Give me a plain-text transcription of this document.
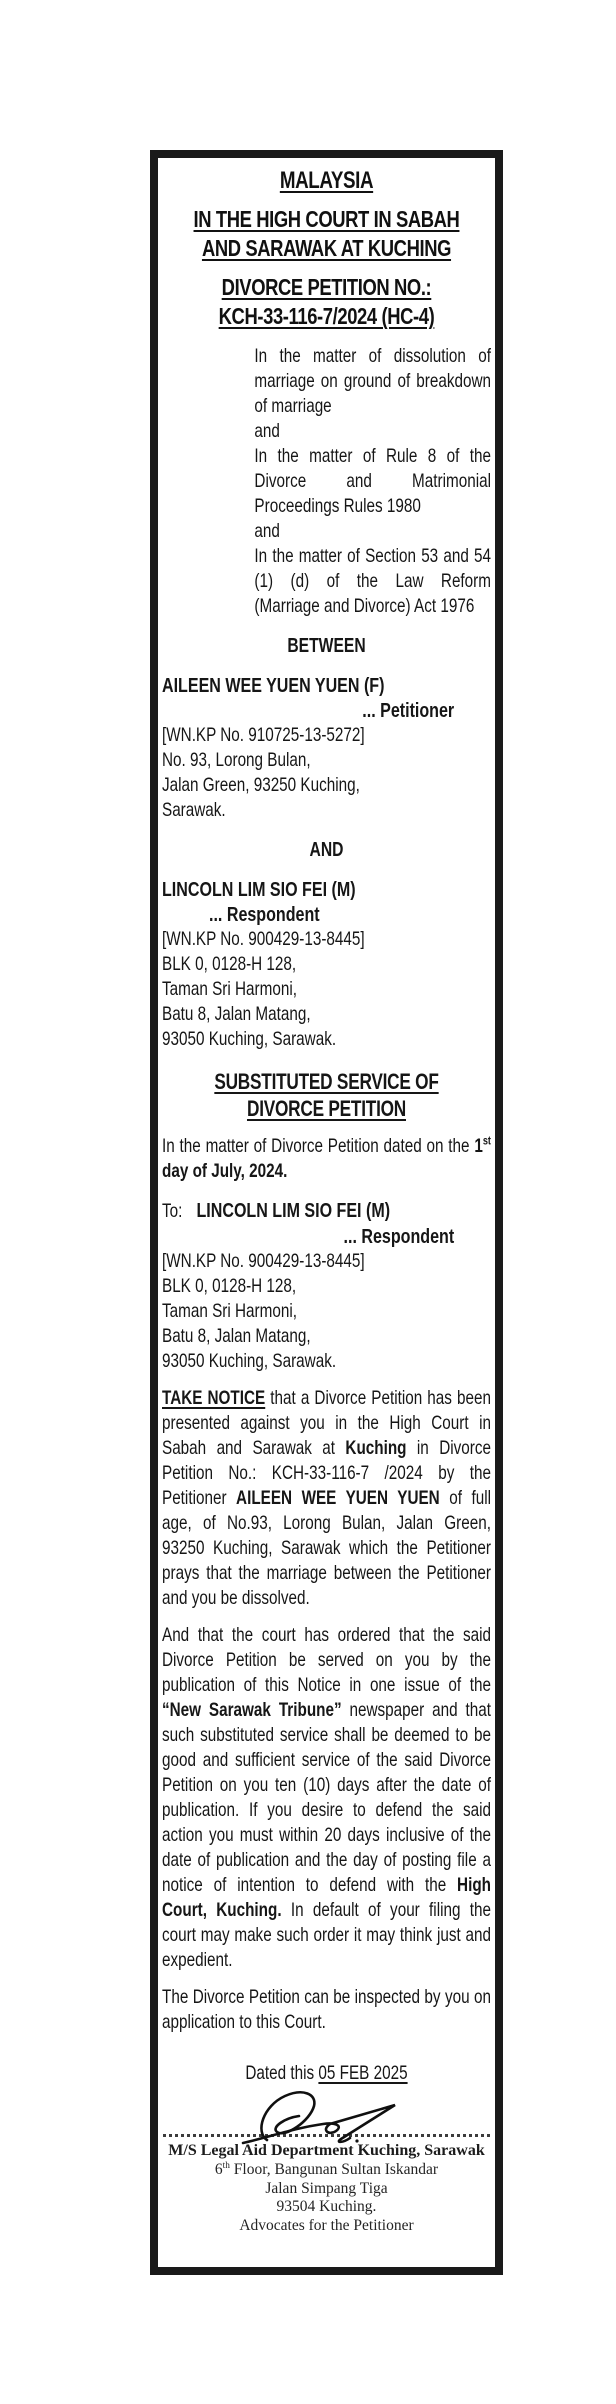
MALAYSIA
IN THE HIGH COURT IN SABAH
AND SARAWAK AT KUCHING
DIVORCE PETITION NO.:
KCH-33-116-7/2024 (HC-4)
In the matter of dissolution of marriage on ground of breakdown of marriage
and
In the matter of Rule 8 of the Divorce and Matrimonial Proceedings Rules 1980
and
In the matter of Section 53 and 54 (1) (d) of the Law Reform (Marriage and Divorce) Act 1976
BETWEEN
AILEEN WEE YUEN YUEN (F)
... Petitioner
[WN.KP No. 910725-13-5272]
No. 93, Lorong Bulan,
Jalan Green, 93250 Kuching,
Sarawak.
AND
LINCOLN LIM SIO FEI (M)
... Respondent
[WN.KP No. 900429-13-8445]
BLK 0, 0128-H 128,
Taman Sri Harmoni,
Batu 8, Jalan Matang,
93050 Kuching, Sarawak.
SUBSTITUTED SERVICE OF
DIVORCE PETITION
In the matter of Divorce Petition dated on the 1st day of July, 2024.
To: LINCOLN LIM SIO FEI (M)
... Respondent
[WN.KP No. 900429-13-8445]
BLK 0, 0128-H 128,
Taman Sri Harmoni,
Batu 8, Jalan Matang,
93050 Kuching, Sarawak.
TAKE NOTICE that a Divorce Petition has been presented against you in the High Court in Sabah and Sarawak at Kuching in Divorce Petition No.: KCH-33-116-7 /2024 by the Petitioner AILEEN WEE YUEN YUEN of full age, of No.93, Lorong Bulan, Jalan Green, 93250 Kuching, Sarawak which the Petitioner prays that the marriage between the Petitioner and you be dissolved.
And that the court has ordered that the said Divorce Petition be served on you by the publication of this Notice in one issue of the “New Sarawak Tribune” newspaper and that such substituted service shall be deemed to be good and sufficient service of the said Divorce Petition on you ten (10) days after the date of publication. If you desire to defend the said action you must within 20 days inclusive of the date of publication and the day of posting file a notice of intention to defend with the High Court, Kuching. In default of your filing the court may make such order it may think just and expedient.
The Divorce Petition can be inspected by you on application to this Court.
Dated this 05 FEB 2025
M/S Legal Aid Department Kuching, Sarawak
6th Floor, Bangunan Sultan Iskandar
Jalan Simpang Tiga
93504 Kuching.
Advocates for the Petitioner
